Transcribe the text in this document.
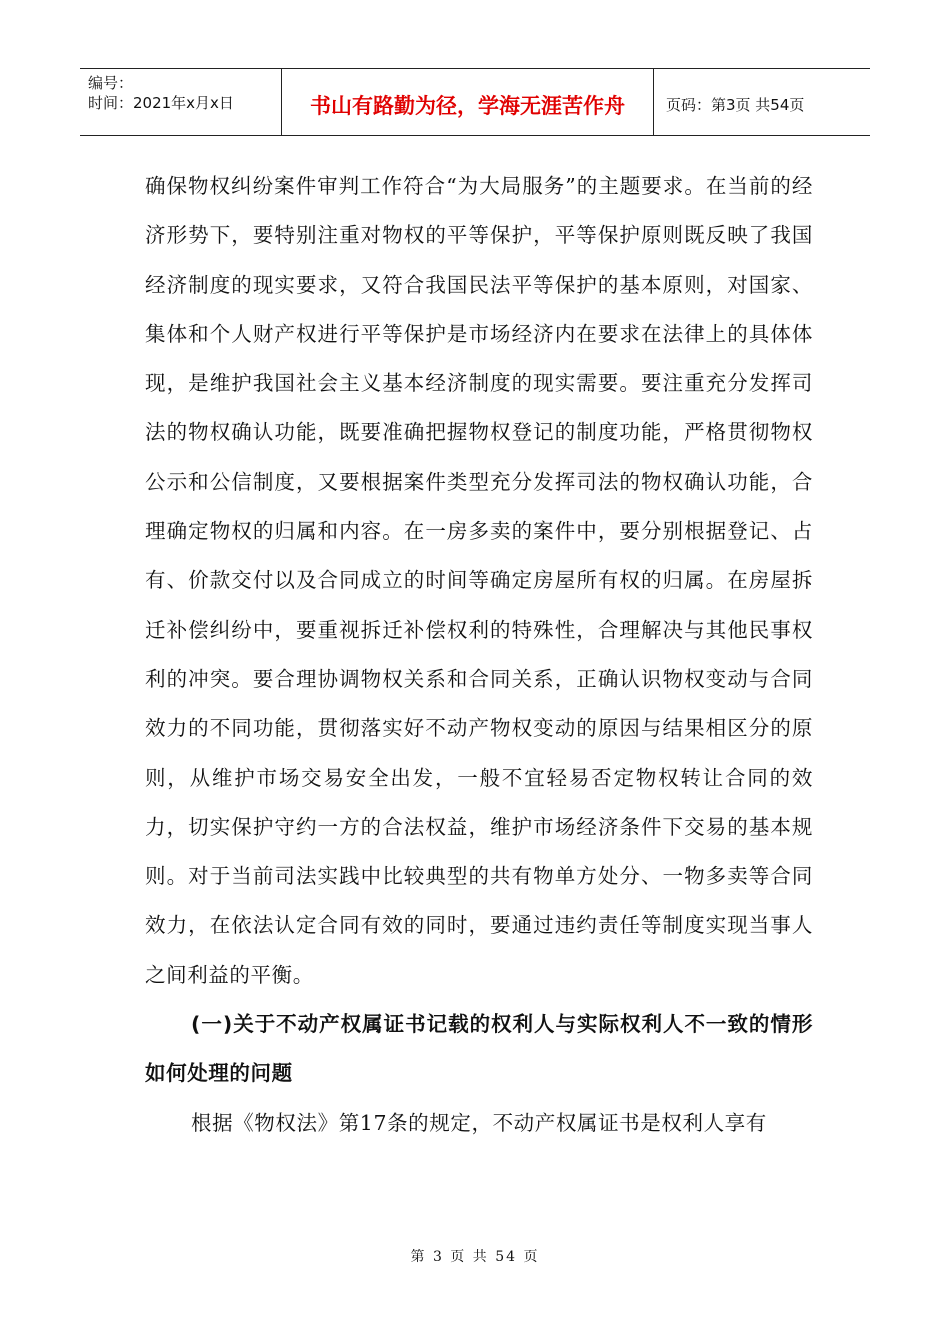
编号：
时间：2021年x月x日	书山有路勤为径，学海无涯苦作舟	页码：第3页 共54页

确保物权纠纷案件审判工作符合“为大局服务”的主题要求。在当前的经济形势下，要特别注重对物权的平等保护，平等保护原则既反映了我国经济制度的现实要求，又符合我国民法平等保护的基本原则，对国家、集体和个人财产权进行平等保护是市场经济内在要求在法律上的具体体现，是维护我国社会主义基本经济制度的现实需要。要注重充分发挥司法的物权确认功能，既要准确把握物权登记的制度功能，严格贯彻物权公示和公信制度，又要根据案件类型充分发挥司法的物权确认功能，合理确定物权的归属和内容。在一房多卖的案件中，要分别根据登记、占有、价款交付以及合同成立的时间等确定房屋所有权的归属。在房屋拆迁补偿纠纷中，要重视拆迁补偿权利的特殊性，合理解决与其他民事权利的冲突。要合理协调物权关系和合同关系，正确认识物权变动与合同效力的不同功能，贯彻落实好不动产物权变动的原因与结果相区分的原则，从维护市场交易安全出发，一般不宜轻易否定物权转让合同的效力，切实保护守约一方的合法权益，维护市场经济条件下交易的基本规则。对于当前司法实践中比较典型的共有物单方处分、一物多卖等合同效力，在依法认定合同有效的同时，要通过违约责任等制度实现当事人之间利益的平衡。

(一)关于不动产权属证书记载的权利人与实际权利人不一致的情形如何处理的问题

根据《物权法》第17条的规定，不动产权属证书是权利人享有

第 3 页 共 54 页
